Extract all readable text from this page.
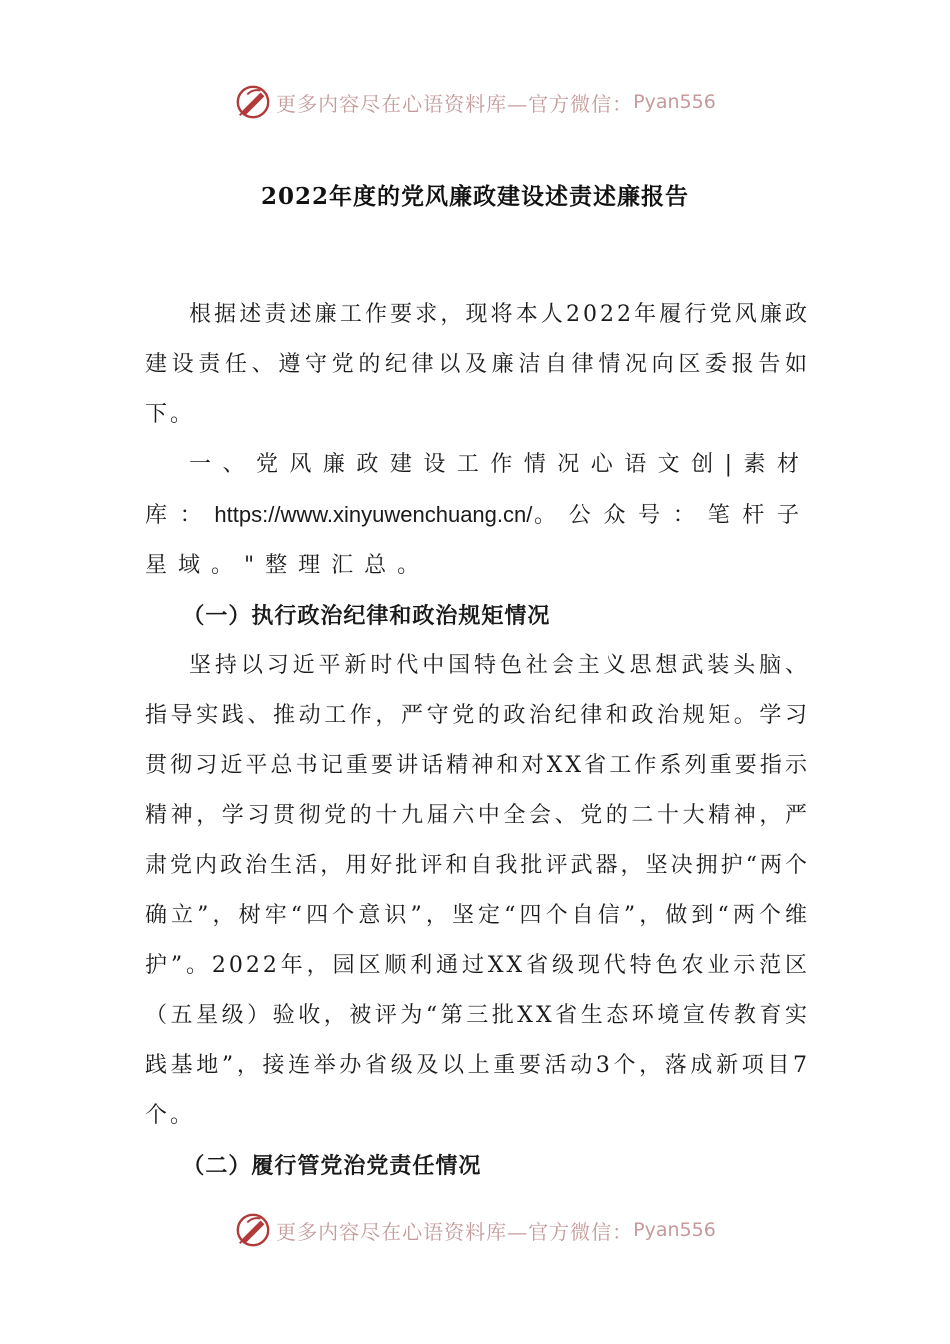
更多内容尽在心语资料库—官方微信： Pyan556
2022年度的党风廉政建设述责述廉报告

根据述责述廉工作要求，现将本人2022年履行党风廉政建设责任、遵守党的纪律以及廉洁自律情况向区委报告如下。

一、党风廉政建设工作情况心语文创|素材库：https://www.xinyuwenchuang.cn/。公众号：笔杆子星域。"整理汇总。

（一）执行政治纪律和政治规矩情况

坚持以习近平新时代中国特色社会主义思想武装头脑、指导实践、推动工作，严守党的政治纪律和政治规矩。学习贯彻习近平总书记重要讲话精神和对XX省工作系列重要指示精神，学习贯彻党的十九届六中全会、党的二十大精神，严肃党内政治生活，用好批评和自我批评武器，坚决拥护“两个确立”，树牢“四个意识”，坚定“四个自信”，做到“两个维护”。2022年，园区顺利通过XX省级现代特色农业示范区（五星级）验收，被评为“第三批XX省生态环境宣传教育实践基地”，接连举办省级及以上重要活动3个，落成新项目7个。

（二）履行管党治党责任情况

更多内容尽在心语资料库—官方微信： Pyan556
